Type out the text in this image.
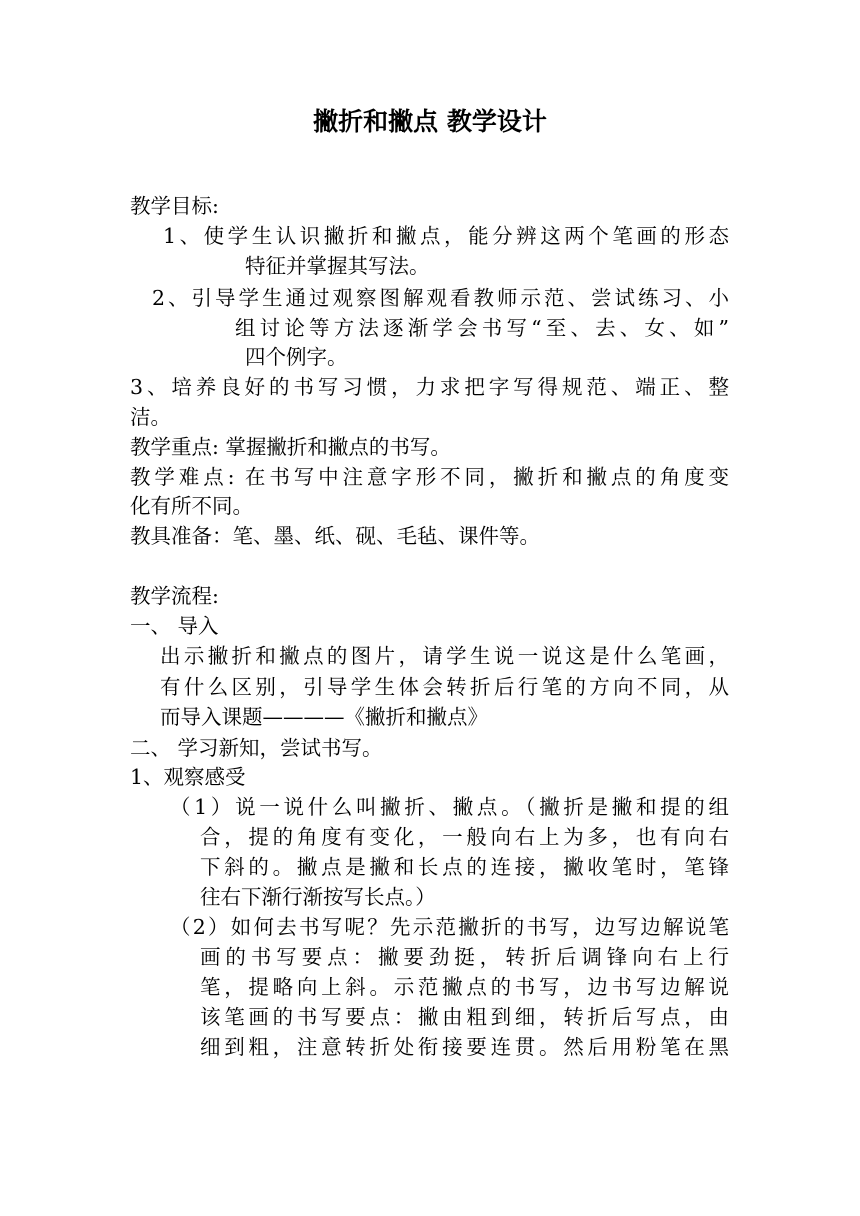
撇折和撇点 教学设计
教学目标:
1、使学生认识撇折和撇点，能分辨这两个笔画的形态
特征并掌握其写法。
2、引导学生通过观察图解观看教师示范、尝试练习、小
组讨论等方法逐渐学会书写“至、去、女、如”
四个例字。
3、培养良好的书写习惯，力求把字写得规范、端正、整
洁。
教学重点: 掌握撇折和撇点的书写。
教学难点: 在书写中注意字形不同，撇折和撇点的角度变
化有所不同。
教具准备：笔、墨、纸、砚、毛毡、课件等。
教学流程:
一、 导入
出示撇折和撇点的图片，请学生说一说这是什么笔画，
有什么区别，引导学生体会转折后行笔的方向不同，从
而导入课题————《撇折和撇点》
二、 学习新知，尝试书写。
1、观察感受
（1）说一说什么叫撇折、撇点。（撇折是撇和提的组
合，提的角度有变化，一般向右上为多，也有向右
下斜的。撇点是撇和长点的连接，撇收笔时，笔锋
往右下渐行渐按写长点。）
（2）如何去书写呢？先示范撇折的书写，边写边解说笔
画的书写要点：撇要劲挺，转折后调锋向右上行
笔，提略向上斜。示范撇点的书写，边书写边解说
该笔画的书写要点：撇由粗到细，转折后写点，由
细到粗，注意转折处衔接要连贯。然后用粉笔在黑
